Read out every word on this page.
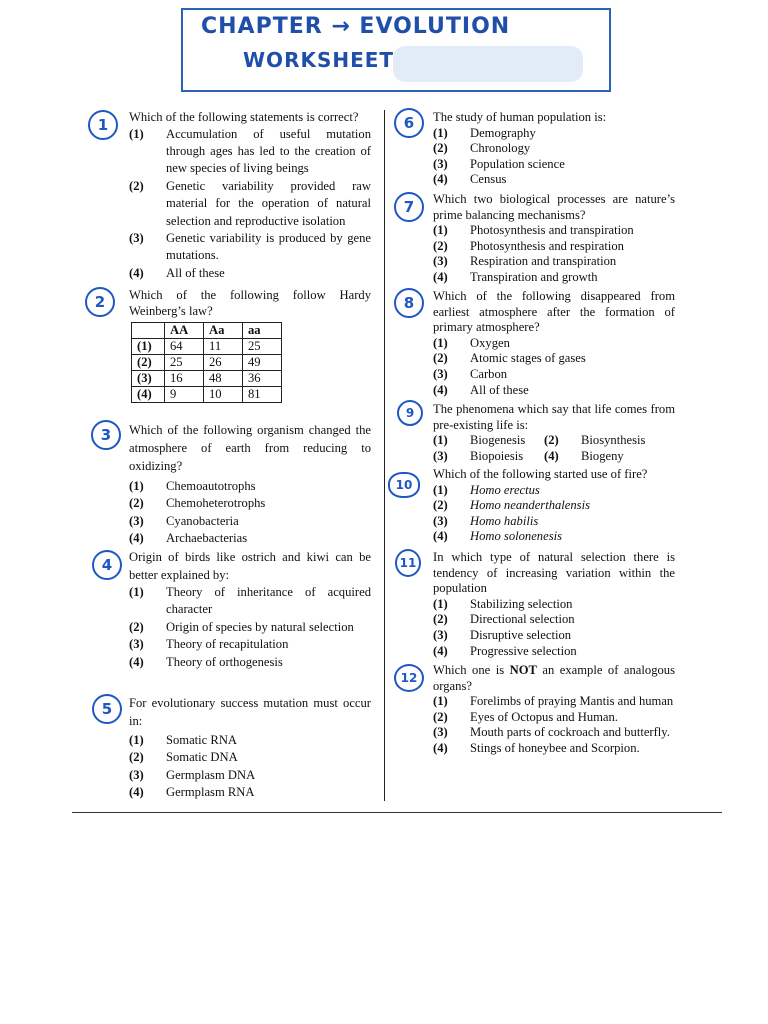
CHAPTER → EVOLUTION
WORKSHEET
1	Which of the following statements is correct?
(1)	Accumulation of useful mutation through ages has led to the creation of new species of living beings
(2)	Genetic variability provided raw material for the operation of natural selection and reproductive isolation
(3)	Genetic variability is produced by gene mutations.
(4)	All of these
2	Which of the following follow Hardy Weinberg’s law?
	AA	Aa	aa
(1)	64	11	25
(2)	25	26	49
(3)	16	48	36
(4)	9	10	81
3	Which of the following organism changed the atmosphere of earth from reducing to oxidizing?
(1)	Chemoautotrophs
(2)	Chemoheterotrophs
(3)	Cyanobacteria
(4)	Archaebacterias
4	Origin of birds like ostrich and kiwi can be better explained by:
(1)	Theory of inheritance of acquired character
(2)	Origin of species by natural selection
(3)	Theory of recapitulation
(4)	Theory of orthogenesis
5	For evolutionary success mutation must occur in:
(1)	Somatic RNA
(2)	Somatic DNA
(3)	Germplasm DNA
(4)	Germplasm RNA
6	The study of human population is:
(1)	Demography
(2)	Chronology
(3)	Population science
(4)	Census
7	Which two biological processes are nature’s prime balancing mechanisms?
(1)	Photosynthesis and transpiration
(2)	Photosynthesis and respiration
(3)	Respiration and transpiration
(4)	Transpiration and growth
8	Which of the following disappeared from earliest atmosphere after the formation of primary atmosphere?
(1)	Oxygen
(2)	Atomic stages of gases
(3)	Carbon
(4)	All of these
9	The phenomena which say that life comes from pre-existing life is:
(1)	Biogenesis	(2)	Biosynthesis
(3)	Biopoiesis	(4)	Biogeny
10
Which of the following started use of fire?
(1)	Homo erectus
(2)	Homo neanderthalensis
(3)	Homo habilis
(4)	Homo solonenesis
11	In which type of natural selection there is tendency of increasing variation within the population
(1)	Stabilizing selection
(2)	Directional selection
(3)	Disruptive selection
(4)	Progressive selection
12
Which one is NOT an example of analogous organs?
(1)	Forelimbs of praying Mantis and human
(2)	Eyes of Octopus and Human.
(3)	Mouth parts of cockroach and butterfly.
(4)	Stings of honeybee and Scorpion.
